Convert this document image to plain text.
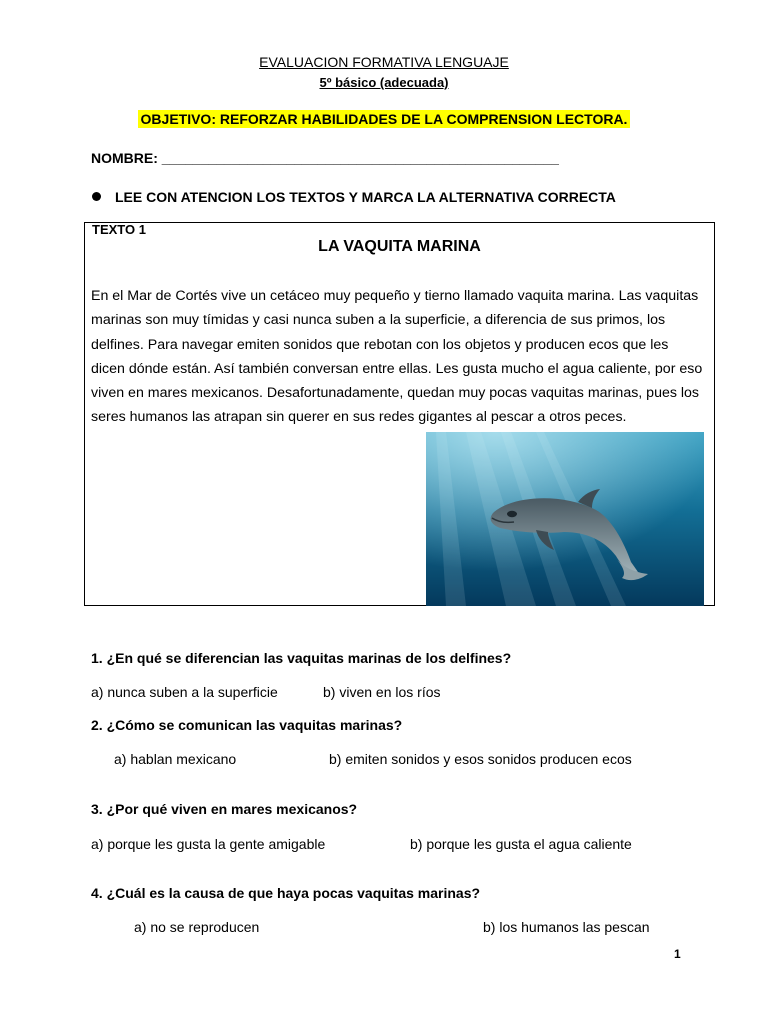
EVALUACION FORMATIVA LENGUAJE
5º básico (adecuada)
OBJETIVO: REFORZAR HABILIDADES DE LA COMPRENSION LECTORA.
NOMBRE: ___________________________________________________
LEE CON ATENCION LOS TEXTOS Y MARCA LA ALTERNATIVA CORRECTA
TEXTO 1
LA VAQUITA MARINA
En el Mar de Cortés vive un cetáceo muy pequeño y tierno llamado vaquita marina. Las vaquitas marinas son muy tímidas y casi nunca suben a la superficie, a diferencia de sus primos, los delfines. Para navegar emiten sonidos que rebotan con los objetos y producen ecos que les dicen dónde están. Así también conversan entre ellas. Les gusta mucho el agua caliente, por eso viven en mares mexicanos. Desafortunadamente, quedan muy pocas vaquitas marinas, pues los seres humanos las atrapan sin querer en sus redes gigantes al pescar a otros peces.
1. ¿En qué se diferencian las vaquitas marinas de los delfines?
a) nunca suben a la superficie	b) viven en los ríos
2. ¿Cómo se comunican las vaquitas marinas?
a) hablan mexicano	b) emiten sonidos y esos sonidos producen ecos
3. ¿Por qué viven en mares mexicanos?
a) porque les gusta la gente amigable	b) porque les gusta el agua caliente
4. ¿Cuál es la causa de que haya pocas vaquitas marinas?
a) no se reproducen	b) los humanos las pescan
1
